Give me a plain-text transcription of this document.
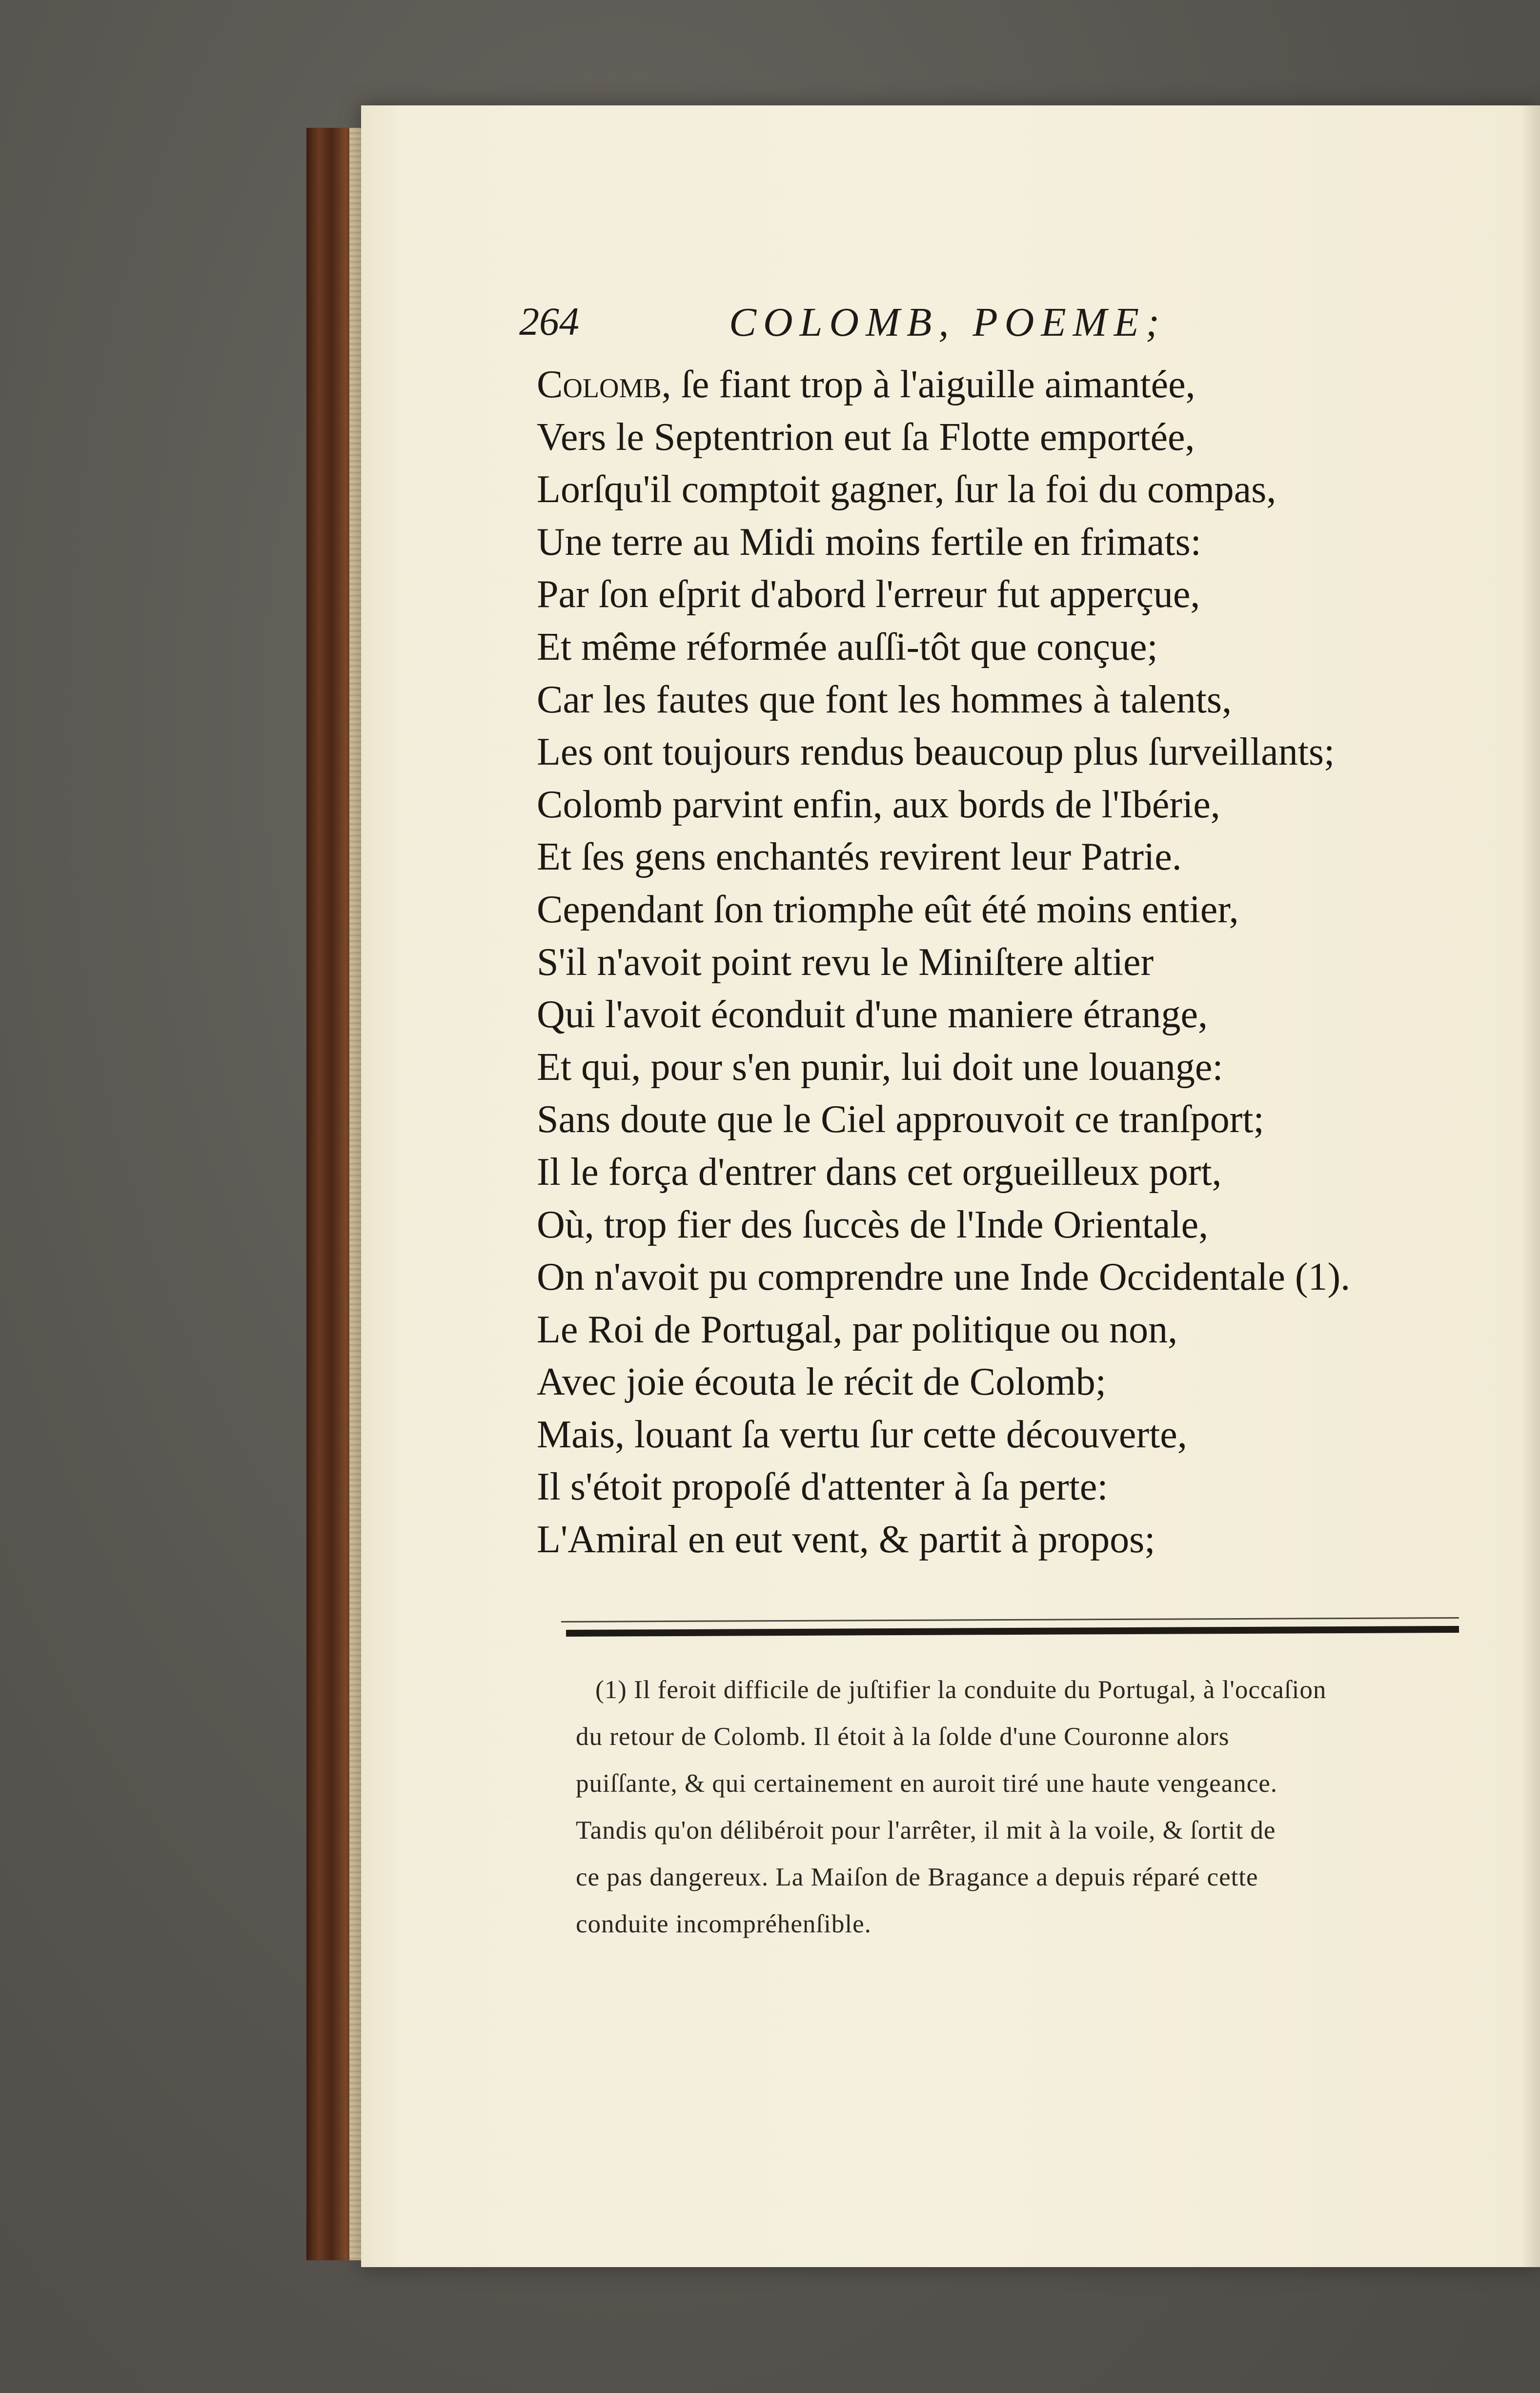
264	COLOMB, POEME;
Colomb, ſe fiant trop à l'aiguille aimantée,
Vers le Septentrion eut ſa Flotte emportée,
Lorſqu'il comptoit gagner, ſur la foi du compas,
Une terre au Midi moins fertile en frimats:
Par ſon eſprit d'abord l'erreur fut apperçue,
Et même réformée auſſi-tôt que conçue;
Car les fautes que font les hommes à talents,
Les ont toujours rendus beaucoup plus ſurveillants;
Colomb parvint enfin, aux bords de l'Ibérie,
Et ſes gens enchantés revirent leur Patrie.
Cependant ſon triomphe eût été moins entier,
S'il n'avoit point revu le Miniſtere altier
Qui l'avoit éconduit d'une maniere étrange,
Et qui, pour s'en punir, lui doit une louange:
Sans doute que le Ciel approuvoit ce tranſport;
Il le força d'entrer dans cet orgueilleux port,
Où, trop fier des ſuccès de l'Inde Orientale,
On n'avoit pu comprendre une Inde Occidentale (1).
Le Roi de Portugal, par politique ou non,
Avec joie écouta le récit de Colomb;
Mais, louant ſa vertu ſur cette découverte,
Il s'étoit propoſé d'attenter à ſa perte:
L'Amiral en eut vent, & partit à propos;
(1) Il feroit difficile de juſtifier la conduite du Portugal, à l'occaſion
du retour de Colomb. Il étoit à la ſolde d'une Couronne alors
puiſſante, & qui certainement en auroit tiré une haute vengeance.
Tandis qu'on délibéroit pour l'arrêter, il mit à la voile, & ſortit de
ce pas dangereux. La Maiſon de Bragance a depuis réparé cette
conduite incompréhenſible.
